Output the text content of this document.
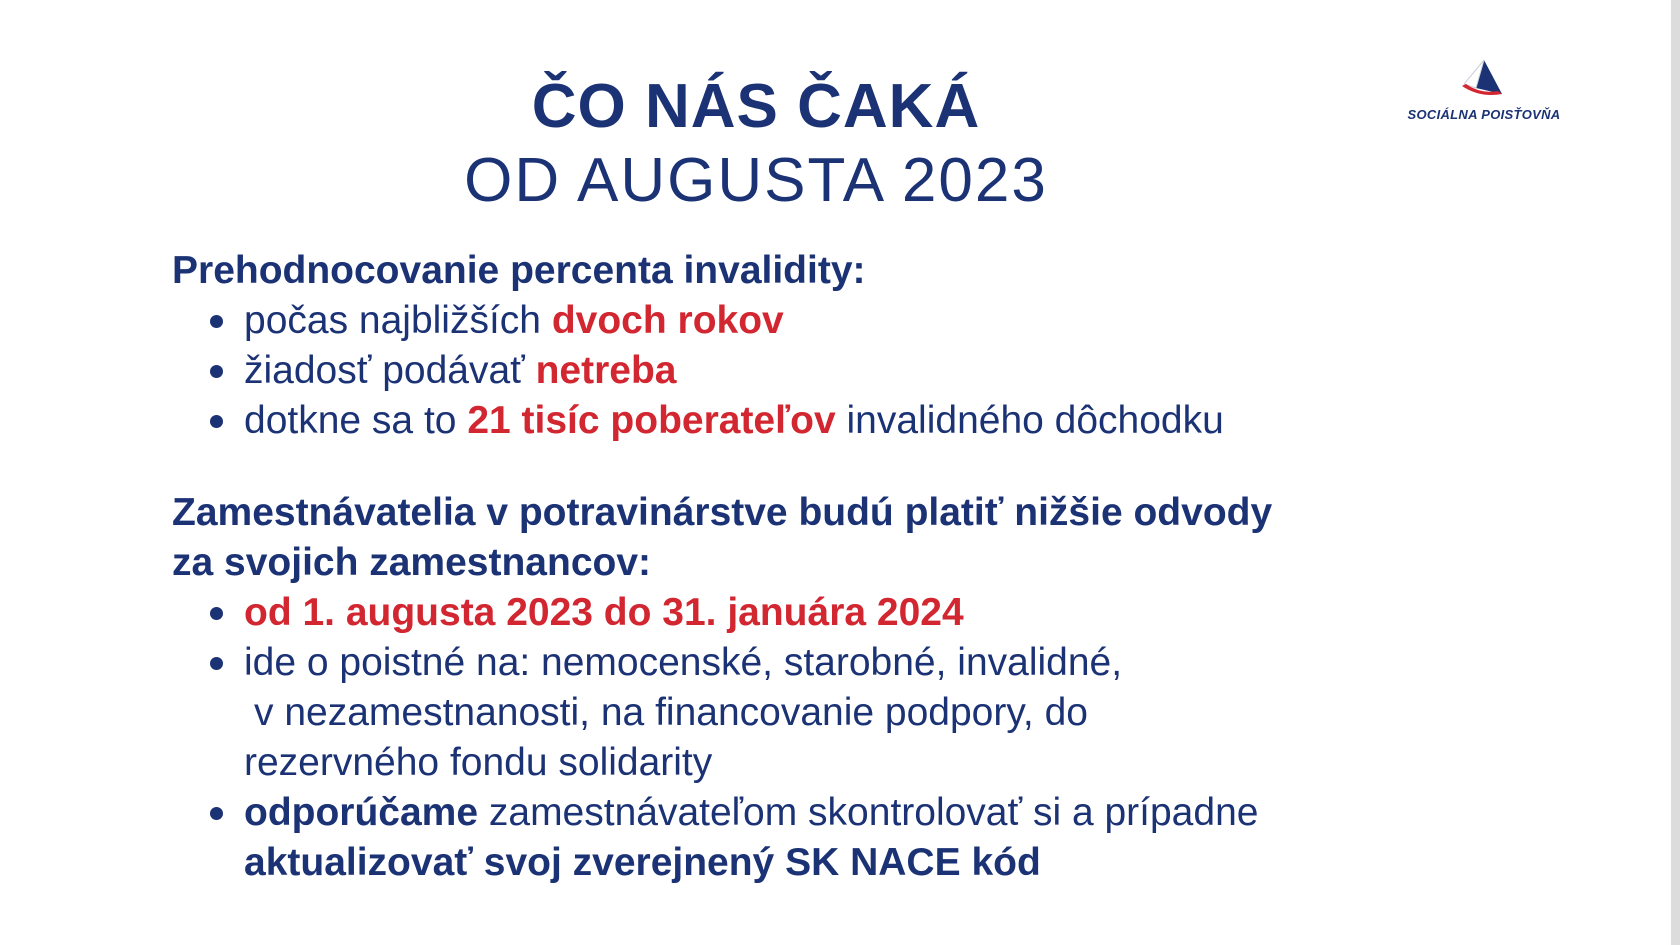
SOCIÁLNA POISŤOVŇA
ČO NÁS ČAKÁ
OD AUGUSTA 2023
Prehodnocovanie percenta invalidity:
počas najbližších dvoch rokov
žiadosť podávať netreba
dotkne sa to 21 tisíc poberateľov invalidného dôchodku
Zamestnávatelia v potravinárstve budú platiť nižšie odvody
za svojich zamestnancov:
od 1. augusta 2023 do 31. januára 2024
ide o poistné na: nemocenské, starobné, invalidné,
v nezamestnanosti, na financovanie podpory, do
rezervného fondu solidarity
odporúčame zamestnávateľom skontrolovať si a prípadne
aktualizovať svoj zverejnený SK NACE kód
